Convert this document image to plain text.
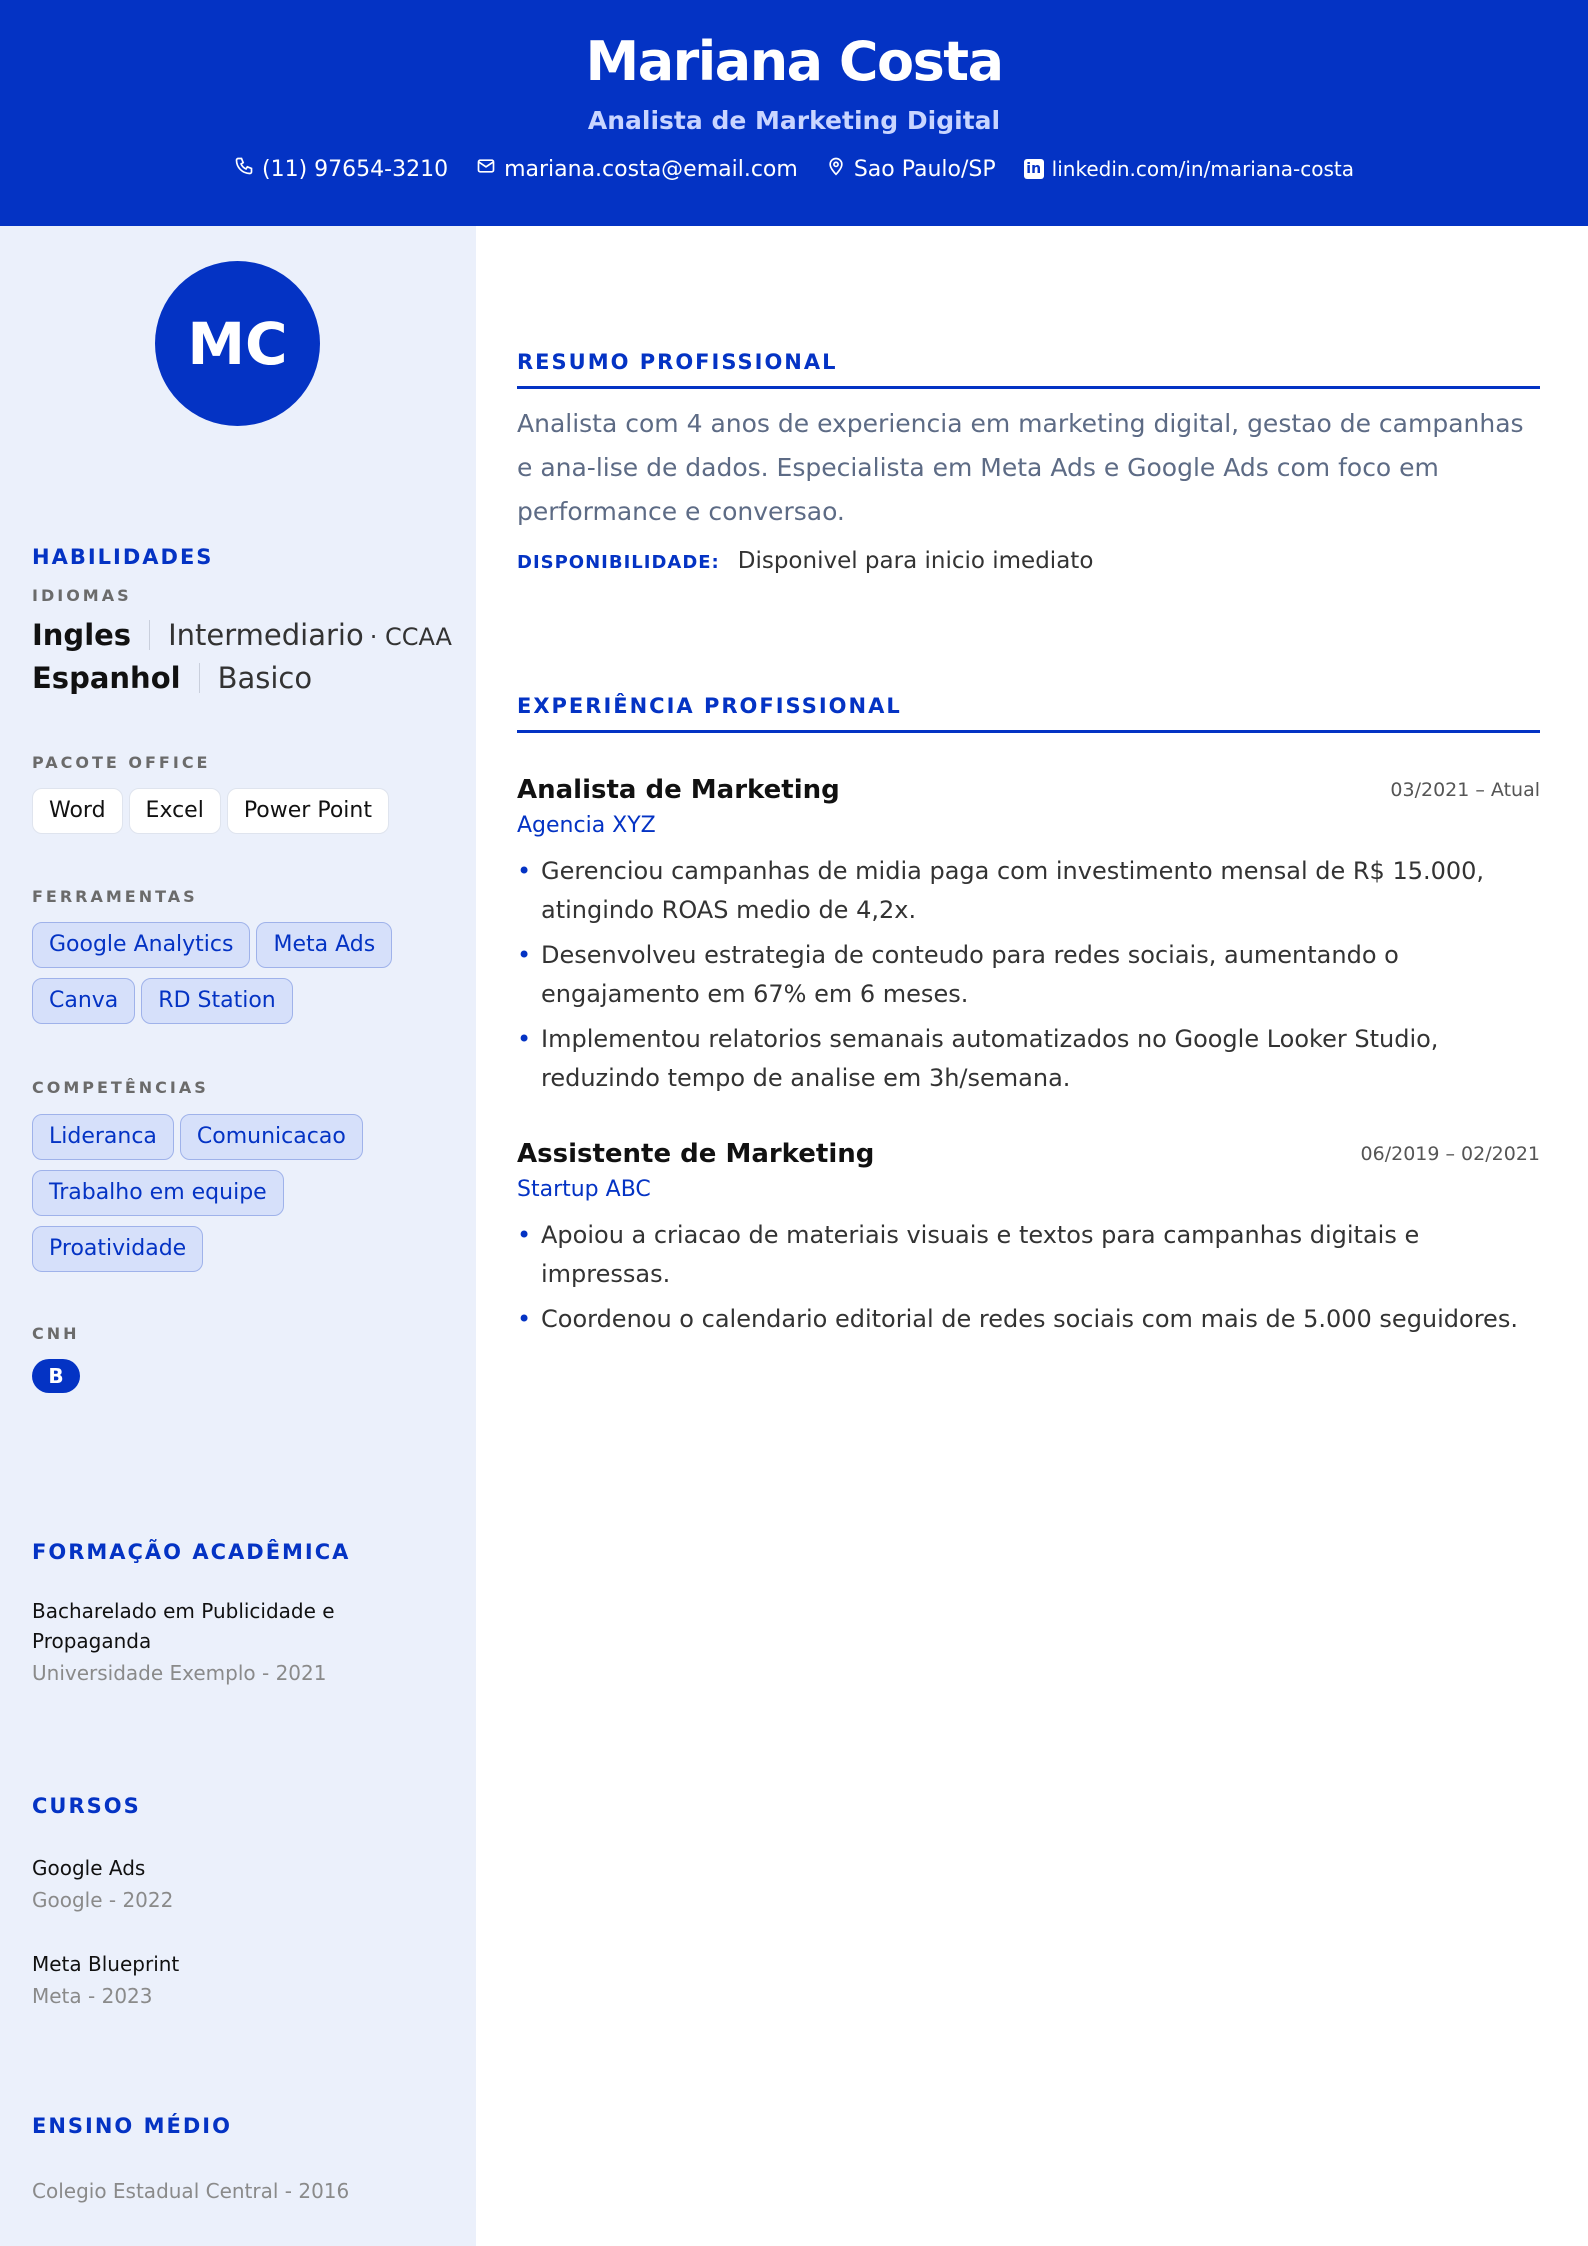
Mariana Costa
Analista de Marketing Digital
(11) 97654-3210	mariana.costa@email.com	Sao Paulo/SP in linkedin.com/in/mariana-costa
MC
HABILIDADES
IDIOMAS
Ingles Intermediario · CCAA
Espanhol Basico
PACOTE OFFICE
Word	Excel	Power Point
FERRAMENTAS
Google Analytics	Meta Ads
Canva	RD Station
COMPETÊNCIAS
Lideranca	Comunicacao
Trabalho em equipe
Proatividade
CNH
B
FORMAÇÃO ACADÊMICA
Bacharelado em Publicidade e Propaganda
Universidade Exemplo - 2021
CURSOS
Google Ads
Google - 2022
Meta Blueprint
Meta - 2023
ENSINO MÉDIO
Colegio Estadual Central - 2016
RESUMO PROFISSIONAL
Analista com 4 anos de experiencia em marketing digital, gestao de campanhas e ana-lise de dados. Especialista em Meta Ads e Google Ads com foco em performance e conversao.
DISPONIBILIDADE: Disponivel para inicio imediato
EXPERIÊNCIA PROFISSIONAL
Analista de Marketing	03/2021 – Atual
Agencia XYZ
• Gerenciou campanhas de midia paga com investimento mensal de R$ 15.000, atingindo ROAS medio de 4,2x.
• Desenvolveu estrategia de conteudo para redes sociais, aumentando o engajamento em 67% em 6 meses.
• Implementou relatorios semanais automatizados no Google Looker Studio, reduzindo tempo de analise em 3h/semana.
Assistente de Marketing	06/2019 – 02/2021
Startup ABC
• Apoiou a criacao de materiais visuais e textos para campanhas digitais e impressas.
• Coordenou o calendario editorial de redes sociais com mais de 5.000 seguidores.
